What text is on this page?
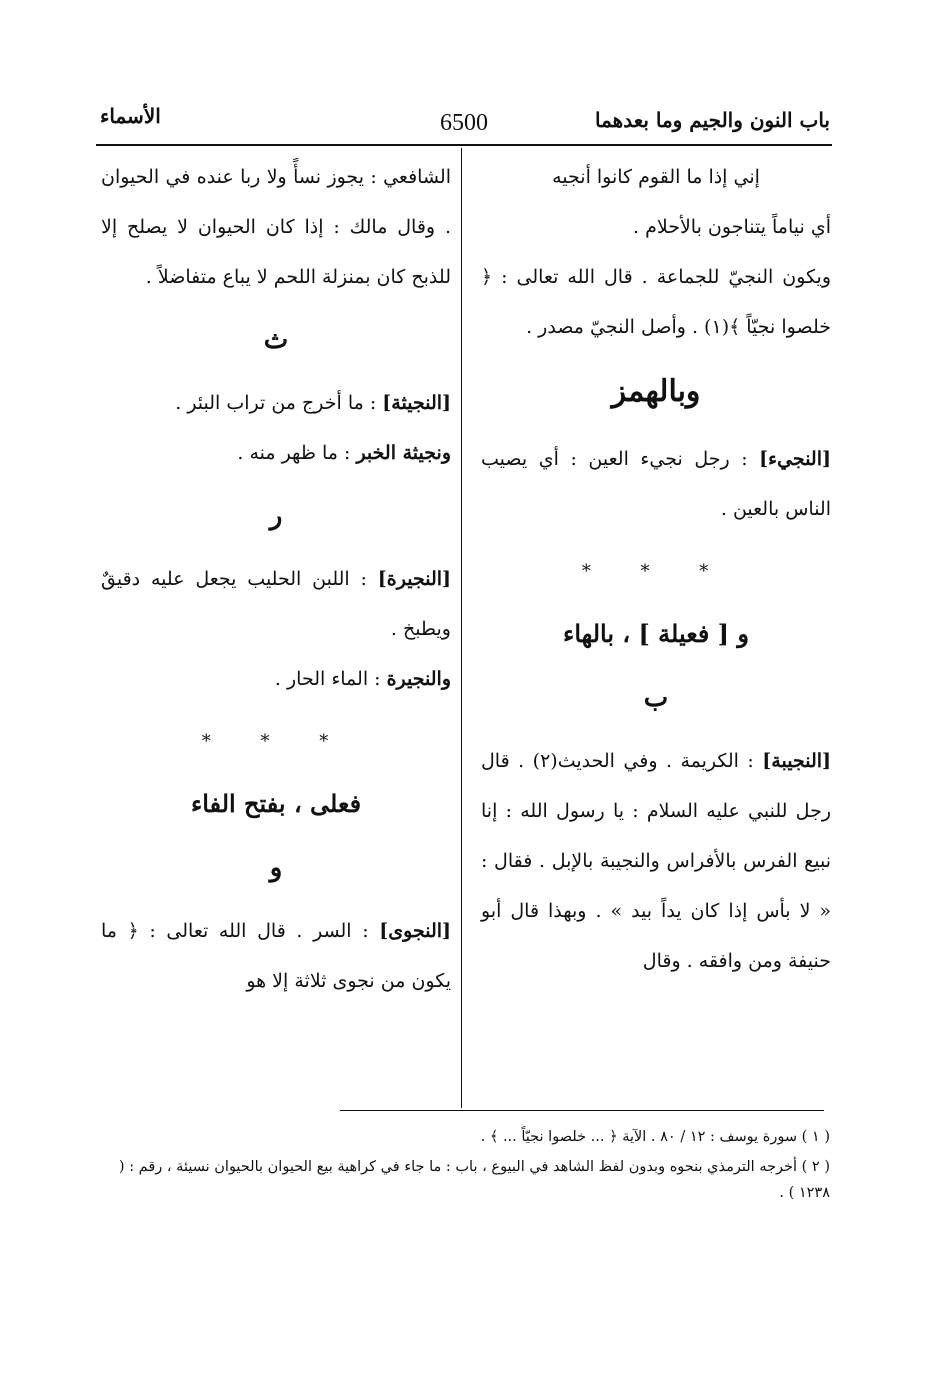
باب النون والجيم وما بعدهما
6500
الأسماء

إني إذا ما القوم كانوا أنجيه

أي نياماً يتناجون بالأحلام .

ويكون النجيّ للجماعة . قال الله تعالى : ﴿ خلصوا نجيّاً ﴾(١) . وأصل النجيّ مصدر .

وبالهمز

[النجيء] : رجل نجيء العين : أي يصيب الناس بالعين .

* * *
و [ فعيلة ] ، بالهاء
ب

[النجيبة] : الكريمة . وفي الحديث(٢) . قال رجل للنبي عليه السلام : يا رسول الله : إنا نبيع الفرس بالأفراس والنجيبة بالإبل . فقال : « لا بأس إذا كان يداً بيد » . وبهذا قال أبو حنيفة ومن وافقه . وقال

الشافعي : يجوز نسأً ولا ربا عنده في الحيوان . وقال مالك : إذا كان الحيوان لا يصلح إلا للذبح كان بمنزلة اللحم لا يباع متفاضلاً .

ث

[النجيثة] : ما أخرج من تراب البئر .

ونجيثة الخبر : ما ظهر منه .

ر

[النجيرة] : اللبن الحليب يجعل عليه دقيقٌ ويطبخ .

والنجيرة : الماء الحار .

* * *
فعلى ، بفتح الفاء
و

[النجوى] : السر . قال الله تعالى : ﴿ ما يكون من نجوى ثلاثة إلا هو

( ١ ) سورة يوسف : ١٢ / ٨٠ . الآية ﴿ ... خلصوا نجيّاً ... ﴾ .

( ٢ ) أخرجه الترمذي بنحوه وبدون لفظ الشاهد في البيوع ، باب : ما جاء في كراهية بيع الحيوان بالحيوان نسيئة ، رقم : ( ١٢٣٨ ) .
